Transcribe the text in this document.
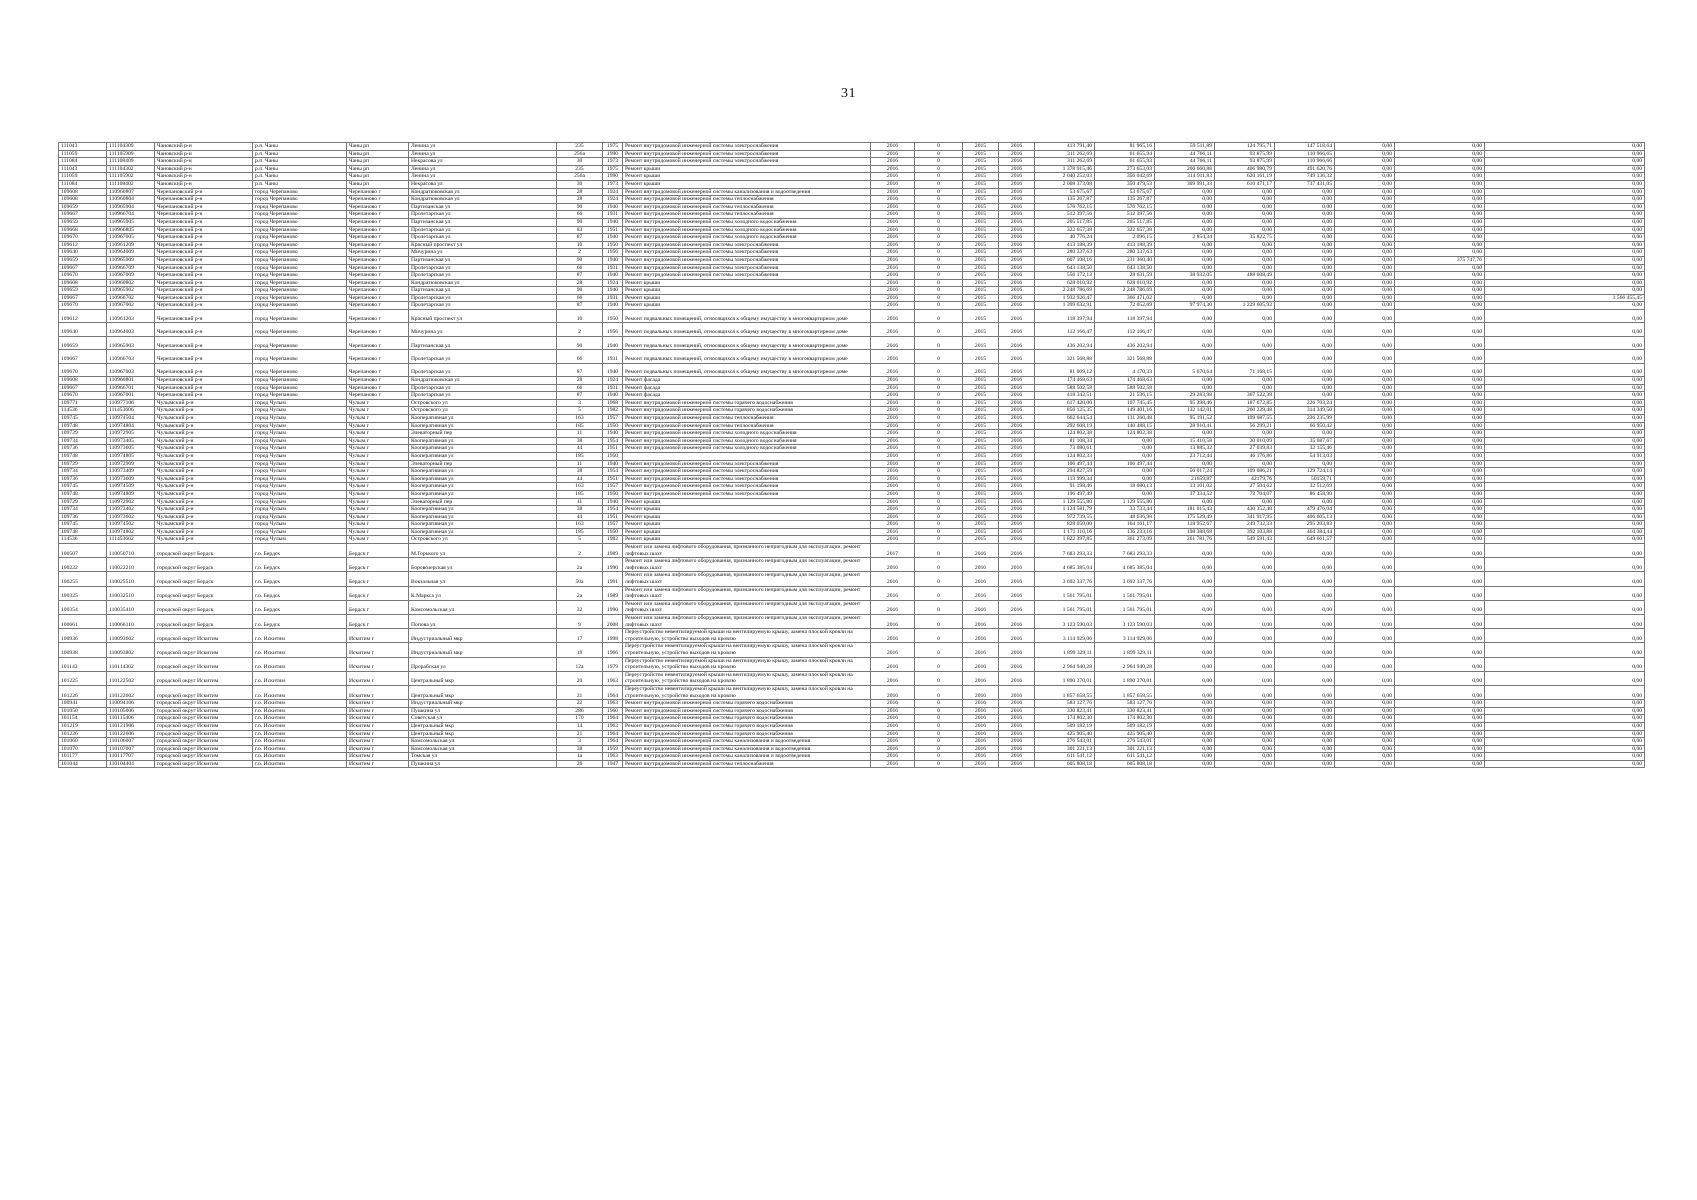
31
111043	111104309	Чановский р-н	р.п. Чаны	Чаны рп	Ленина ул	235	1975	Ремонт внутридомовой инженерной системы электроснабжения	2016	0	2015	2016	413 791,40	81 965,16	59 511,89	124 795,71	147 518,64	0,00	0,00	0,00
111059	111105909	Чановский р-н	р.п. Чаны	Чаны рп	Ленина ул	256а	1990	Ремонт внутридомовой инженерной системы электроснабжения	2016	0	2015	2016	311 262,69	61 655,94	44 766,11	93 875,99	110 966,65	0,00	0,00	0,00
111084	111108409	Чановский р-н	р.п. Чаны	Чаны рп	Некрасова ул	30	1973	Ремонт внутридомовой инженерной системы электроснабжения	2016	0	2015	2016	311 262,69	61 655,93	44 766,11	93 875,99	110 966,66	0,00	0,00	0,00
111043	111104302	Чановский р-н	р.п. Чаны	Чаны рп	Ленина ул	235	1975	Ремонт крыши	2016	0	2015	2016	1 378 915,46	273 653,03	206 660,88	406 980,79	491 620,76	0,00	0,00	0,00
111059	111105902	Чановский р-н	р.п. Чаны	Чаны рп	Ленина ул	256а	1990	Ремонт крыши	2016	0	2015	2016	2 040 252,03	356 042,69	314 911,83	620 161,19	749 136,32	0,00	0,00	0,00
111084	111108402	Чановский р-н	р.п. Чаны	Чаны рп	Некрасова ул	30	1973	Ремонт крыши	2016	0	2015	2016	2 008 373,08	350 479,53	309 991,33	610 471,17	737 431,05	0,00	0,00	0,00
109608	110960807	Черепановский р-н	город Черепаново	Черепаново г	Кондратюковская ул	28	1924	Ремонт внутридомовой инженерной системы канализования и водоотведения	2016	0	2015	2016	53 675,67	53 675,67	0,00	0,00	0,00	0,00	0,00	0,00
109608	110960804	Черепановский р-н	город Черепаново	Черепаново г	Кондратюковская ул	28	1924	Ремонт внутридомовой инженерной системы теплоснабжения	2016	0	2015	2016	135 267,87	135 267,87	0,00	0,00	0,00	0,00	0,00	0,00
109659	110965904	Черепановский р-н	город Черепаново	Черепаново г	Партизанская ул	90	1940	Ремонт внутридомовой инженерной системы теплоснабжения	2016	0	2015	2016	576 762,15	576 762,15	0,00	0,00	0,00	0,00	0,00	0,00
109667	110966704	Черепановский р-н	город Черепаново	Черепаново г	Пролетарская ул	66	1931	Ремонт внутридомовой инженерной системы теплоснабжения	2016	0	2015	2016	512 397,56	512 397,56	0,00	0,00	0,00	0,00	0,00	0,00
109659	110965905	Черепановский р-н	город Черепаново	Черепаново г	Партизанская ул	90	1940	Ремонт внутридомовой инженерной системы холодного водоснабжения	2016	0	2015	2016	205 517,85	205 517,85	0,00	0,00	0,00	0,00	0,00	0,00
109668	110966805	Черепановский р-н	город Черепаново	Черепаново г	Пролетарская ул	83	1951	Ремонт внутридомовой инженерной системы холодного водоснабжения	2016	0	2015	2016	322 657,38	322 657,38	0,00	0,00	0,00	0,00	0,00	0,00
109670	110967005	Черепановский р-н	город Черепаново	Черепаново г	Пролетарская ул	87	1940	Ремонт внутридомовой инженерной системы холодного водоснабжения	2016	0	2015	2016	40 776,24	2 096,15	2 854,34	35 822,75	0,00	0,00	0,00	0,00
109612	110961209	Черепановский р-н	город Черепаново	Черепаново г	Красный проспект ул	10	1950	Ремонт внутридомовой инженерной системы электроснабжения	2016	0	2015	2016	413 188,39	413 188,39	0,00	0,00	0,00	0,00	0,00	0,00
109640	110964009	Черепановский р-н	город Черепаново	Черепаново г	Мичурина ул	2	1956	Ремонт внутридомовой инженерной системы электроснабжения	2016	0	2015	2016	280 337,63	280 337,63	0,00	0,00	0,00	0,00	0,00	0,00
109659	110965909	Черепановский р-н	город Черепаново	Черепаново г	Партизанская ул	90	1940	Ремонт внутридомовой инженерной системы электроснабжения	2016	0	2015	2016	607 108,16	231 360,40	0,00	0,00	0,00	0,00	375 747,76	0,00
109667	110966709	Черепановский р-н	город Черепаново	Черепаново г	Пролетарская ул	66	1931	Ремонт внутридомовой инженерной системы электроснабжения	2016	0	2015	2016	643 138,50	643 138,50	0,00	0,00	0,00	0,00	0,00	0,00
109670	110967009	Черепановский р-н	город Черепаново	Черепаново г	Пролетарская ул	87	1940	Ремонт внутридомовой инженерной системы электроснабжения	2016	0	2015	2016	556 172,13	28 631,59	38 932,05	488 608,49	0,00	0,00	0,00	0,00
109608	110960802	Черепановский р-н	город Черепаново	Черепаново г	Кондратюковская ул	28	1924	Ремонт крыши	2016	0	2015	2016	628 010,92	628 010,92	0,00	0,00	0,00	0,00	0,00	0,00
109659	110965902	Черепановский р-н	город Черепаново	Черепаново г	Партизанская ул	90	1940	Ремонт крыши	2016	0	2015	2016	2 248 786,69	2 248 786,69	0,00	0,00	0,00	0,00	0,00	0,00
109667	110966702	Черепановский р-н	город Черепаново	Черепаново г	Пролетарская ул	66	1931	Ремонт крыши	2016	0	2015	2016	1 932 926,47	366 471,02	0,00	0,00	0,00	0,00	0,00	1 566 455,45
109670	110967002	Черепановский р-н	город Черепаново	Черепаново г	Пролетарская ул	87	1940	Ремонт крыши	2016	0	2015	2016	1 399 632,91	72 052,69	97 974,30	1 229 605,92	0,00	0,00	0,00	0,00
109612	110961203	Черепановский р-н	город Черепаново	Черепаново г	Красный проспект ул	10	1950	Ремонт подвальных помещений, относящихся к общему имуществу в многоквартирном доме	2016	0	2015	2016	118 397,94	118 397,94	0,00	0,00	0,00	0,00	0,00	0,00
109640	110964003	Черепановский р-н	город Черепаново	Черепаново г	Мичурина ул	2	1956	Ремонт подвальных помещений, относящихся к общему имуществу в многоквартирном доме	2016	0	2015	2016	112 166,47	112 166,47	0,00	0,00	0,00	0,00	0,00	0,00
109659	110965903	Черепановский р-н	город Черепаново	Черепаново г	Партизанская ул	90	1940	Ремонт подвальных помещений, относящихся к общему имуществу в многоквартирном доме	2016	0	2015	2016	436 202,94	436 202,94	0,00	0,00	0,00	0,00	0,00	0,00
109667	110966703	Черепановский р-н	город Черепаново	Черепаново г	Пролетарская ул	66	1931	Ремонт подвальных помещений, относящихся к общему имуществу в многоквартирном доме	2016	0	2015	2016	321 568,88	321 568,88	0,00	0,00	0,00	0,00	0,00	0,00
109670	110967003	Черепановский р-н	город Черепаново	Черепаново г	Пролетарская ул	87	1940	Ремонт подвальных помещений, относящихся к общему имуществу в многоквартирном доме	2016	0	2015	2016	81 009,12	4 170,33	5 670,64	71 168,15	0,00	0,00	0,00	0,00
109608	110960801	Черепановский р-н	город Черепаново	Черепаново г	Кондратюковская ул	28	1924	Ремонт фасада	2016	0	2015	2016	174 468,63	174 468,63	0,00	0,00	0,00	0,00	0,00	0,00
109667	110966701	Черепановский р-н	город Черепаново	Черепаново г	Пролетарская ул	66	1931	Ремонт фасада	2016	0	2015	2016	588 502,58	588 502,58	0,00	0,00	0,00	0,00	0,00	0,00
109670	110967001	Черепановский р-н	город Черепаново	Черепаново г	Пролетарская ул	87	1940	Ремонт фасада	2016	0	2015	2016	418 342,51	21 536,15	29 283,98	367 522,38	0,00	0,00	0,00	0,00
109771	110977106	Чулымский р-н	город Чулым	Чулым г	Островского ул	3	1968	Ремонт внутридомовой инженерной системы горячего водоснабжения	2016	0	2015	2016	617 420,00	107 745,45	95 298,46	187 672,85	226 703,24	0,00	0,00	0,00
114536	111453606	Чулымский р-н	город Чулым	Чулым г	Островского ул	5	1982	Ремонт внутридомовой инженерной системы горячего водоснабжения	2016	0	2015	2016	856 125,35	149 401,16	132 142,01	260 229,48	314 349,50	0,00	0,00	0,00
109745	110974504	Чулымский р-н	город Чулым	Чулым г	Кооперативная ул	163	1957	Ремонт внутридомовой инженерной системы теплоснабжения	2016	0	2015	2016	662 644,54	131 260,48	95 191,52	199 687,55	236 235,99	0,00	0,00	0,00
109748	110974804	Чулымский р-н	город Чулым	Чулым г	Кооперативная ул	185	1950	Ремонт внутридомовой инженерной системы теплоснабжения	2016	0	2015	2016	292 608,19	140 488,15	28 910,41	56 299,21	66 950,42	0,00	0,00	0,00
109729	110972905	Чулымский р-н	город Чулым	Чулым г	Элеваторный пер	11	1940	Ремонт внутридомовой инженерной системы холодного водоснабжения	2016	0	2015	2016	124 802,38	124 802,38	0,00	0,00	0,00	0,00	0,00	0,00
109734	110973405	Чулымский р-н	город Чулым	Чулым г	Кооперативная ул	38	1954	Ремонт внутридомовой инженерной системы холодного водоснабжения	2016	0	2015	2016	81 108,34	0,00	15 410,58	30 010,09	35 687,67	0,00	0,00	0,00
109736	110973605	Чулымский р-н	город Чулым	Чулым г	Кооперативная ул	44	1951	Ремонт внутридомовой инженерной системы холодного водоснабжения	2016	0	2015	2016	73 080,61	0,00	13 885,32	27 039,83	32 155,46	0,00	0,00	0,00
109748	110974805	Чулымский р-н	город Чулым	Чулым г	Кооперативная ул	185	1950		2016	0	2015	2016	124 802,33	0,00	23 712,44	46 176,86	54 913,03	0,00	0,00	0,00
109729	110972909	Чулымский р-н	город Чулым	Чулым г	Элеваторный пер	11	1940	Ремонт внутридомовой инженерной системы электроснабжения	2016	0	2015	2016	106 497,44	106 497,44	0,00	0,00	0,00	0,00	0,00	0,00
109734	110973409	Чулымский р-н	город Чулым	Чулым г	Кооперативная ул	38	1954	Ремонт внутридомовой инженерной системы электроснабжения	2016	0	2015	2016	294 827,59	0,00	56 017,24	109 086,21	129 724,14	0,00	0,00	0,00
109736	110973609	Чулымский р-н	город Чулым	Чулым г	Кооперативная ул	44	1951	Ремонт внутридомовой инженерной системы электроснабжения	2016	0	2015	2016	113 999,34	0,00	21659,87	42179,76	50159,71	0,00	0,00	0,00
109745	110974509	Чулымский р-н	город Чулым	Чулым г	Кооперативная ул	163	1957	Ремонт внутридомовой инженерной системы электроснабжения	2016	0	2015	2016	91 198,46	18 080,13	13 101,02	27 504,62	32 512,69	0,00	0,00	0,00
109748	110974809	Чулымский р-н	город Чулым	Чулым г	Кооперативная ул	185	1950	Ремонт внутридомовой инженерной системы электроснабжения	2016	0	2015	2016	196 497,49	0,00	37 334,52	72 704,07	86 458,90	0,00	0,00	0,00
109729	110972902	Чулымский р-н	город Чулым	Чулым г	Элеваторный пер	11	1940	Ремонт крыши	2016	0	2015	2016	1 129 555,80	1 129 555,80	0,00	0,00	0,00	0,00	0,00	0,00
109734	110973402	Чулымский р-н	город Чулым	Чулым г	Кооперативная ул	38	1954	Ремонт крыши	2016	0	2015	2016	1 124 581,79	33 733,44	181 015,43	430 352,48	479 476,04	0,00	0,00	0,00
109736	110973602	Чулымский р-н	город Чулым	Чулым г	Кооперативная ул	44	1951	Ремонт крыши	2016	0	2015	2016	972 739,55	48 636,98	175 529,49	341 917,95	406 605,13	0,00	0,00	0,00
109745	110974502	Чулымский р-н	город Чулым	Чулым г	Кооперативная ул	163	1957	Ремонт крыши	2016	0	2015	2016	828 050,00	164 161,17	118 952,67	249 732,33	295 203,83	0,00	0,00	0,00
109748	110974802	Чулымский р-н	город Чулым	Чулым г	Кооперативная ул	185	1950	Ремонт крыши	2016	0	2015	2016	1 171 110,16	136 233,16	198 388,68	392 103,88	464 384,44	0,00	0,00	0,00
114536	111453602	Чулымский р-н	город Чулым	Чулым г	Островского ул	5	1982	Ремонт крыши	2016	0	2015	2016	1 822 397,85	361 273,09	261 781,76	549 591,43	649 661,57	0,00	0,00	0,00
100507	110050710	городской округ Бердск	г.о. Бердск	Бердск г	М.Горького ул	2	1989	Ремонт или замена лифтового оборудования, признанного непригодным для эксплуатации, ремонт лифтовых шахт	2017	0	2016	2016	7 683 293,33	7 683 293,33	0,00	0,00	0,00	0,00	0,00	0,00
100222	110022210	городской округ Бердск	г.о. Бердск	Бердск г	Боровозерская ул	2а	1990	Ремонт или замена лифтового оборудования, признанного непригодным для эксплуатации, ремонт лифтовых шахт	2016	0	2016	2016	4 685 385,04	4 685 385,04	0,00	0,00	0,00	0,00	0,00	0,00
100255	110025510	городской округ Бердск	г.о. Бердск	Бердск г	Вокзальная ул	50а	1991	Ремонт или замена лифтового оборудования, признанного непригодным для эксплуатации, ремонт лифтовых шахт	2016	0	2016	2016	3 692 337,76	3 692 337,76	0,00	0,00	0,00	0,00	0,00	0,00
100325	110032510	городской округ Бердск	г.о. Бердск	Бердск г	К.Маркса ул	2а	1989	Ремонт или замена лифтового оборудования, признанного непригодным для эксплуатации, ремонт лифтовых шахт	2016	0	2016	2016	1 561 795,01	1 561 795,01	0,00	0,00	0,00	0,00	0,00	0,00
100354	110035410	городской округ Бердск	г.о. Бердск	Бердск г	Комсомольская ул	32	1990	Ремонт или замена лифтового оборудования, признанного непригодным для эксплуатации, ремонт лифтовых шахт	2016	0	2016	2016	1 561 795,01	1 561 795,01	0,00	0,00	0,00	0,00	0,00	0,00
100661	110066110	городской округ Бердск	г.о. Бердск	Бердск г	Попова ул	9	2008	Ремонт или замена лифтового оборудования, признанного непригодным для эксплуатации, ремонт лифтовых шахт	2016	0	2016	2016	3 123 590,03	3 123 590,03	0,00	0,00	0,00	0,00	0,00	0,00
100936	110093602	городской округ Искитим	г.о. Искитим	Искитим г	Индустриальный мкр	17	1998	Переустройство невентилируемой крыши на вентилируемую крышу, замена плоской кровли на строительную, устройство выходов на кровлю	2016	0	2016	2016	3 114 929,06	3 114 929,06	0,00	0,00	0,00	0,00	0,00	0,00
100938	110093802	городской округ Искитим	г.о. Искитим	Искитим г	Индустриальный мкр	19	1966	Переустройство невентилируемой крыши на вентилируемую крышу, замена плоской кровли на строительную, устройство выходов на кровлю	2016	0	2016	2016	1 899 329,11	1 899 329,11	0,00	0,00	0,00	0,00	0,00	0,00
101143	110114302	городской округ Искитим	г.о. Искитим	Искитим г	Прорабская ул	12а	1979	Переустройство невентилируемой крыши на вентилируемую крышу, замена плоской кровли на строительную, устройство выходов на кровлю	2016	0	2016	2016	2 964 940,28	2 964 940,28	0,00	0,00	0,00	0,00	0,00	0,00
101225	110122502	городской округ Искитим	г.о. Искитим	Искитим г	Центральный мкр	20	1963	Переустройство невентилируемой крыши на вентилируемую крышу, замена плоской кровли на строительную, устройство выходов на кровлю	2016	0	2016	2016	1 890 370,01	1 890 370,01	0,00	0,00	0,00	0,00	0,00	0,00
101226	110122602	городской округ Искитим	г.о. Искитим	Искитим г	Центральный мкр	21	1964	Переустройство невентилируемой крыши на вентилируемую крышу, замена плоской кровли на строительную, устройство выходов на кровлю	2016	0	2016	2016	1 857 658,55	1 857 658,55	0,00	0,00	0,00	0,00	0,00	0,00
100941	110094106	городской округ Искитим	г.о. Искитим	Искитим г	Индустриальный мкр	22	1963	Ремонт внутридомовой инженерной системы горячего водоснабжения	2016	0	2016	2016	583 127,76	583 127,76	0,00	0,00	0,00	0,00	0,00	0,00
101050	110105006	городской округ Искитим	г.о. Искитим	Искитим г	Пушкина ул	286	1960	Ремонт внутридомовой инженерной системы горячего водоснабжения	2016	0	2016	2016	330 823,41	330 823,41	0,00	0,00	0,00	0,00	0,00	0,00
101154	110115406	городской округ Искитим	г.о. Искитим	Искитим г	Советская ул	170	1964	Ремонт внутридомовой инженерной системы горячего водоснабжения	2016	0	2016	2016	174 802,30	174 802,30	0,00	0,00	0,00	0,00	0,00	0,00
101219	110121906	городской округ Искитим	г.о. Искитим	Искитим г	Центральный мкр	14	1963	Ремонт внутридомовой инженерной системы горячего водоснабжения	2016	0	2016	2016	509 182,19	509 182,19	0,00	0,00	0,00	0,00	0,00	0,00
101226	110122606	городской округ Искитим	г.о. Искитим	Искитим г	Центральный мкр	21	1964	Ремонт внутридомовой инженерной системы горячего водоснабжения	2016	0	2016	2016	425 905,40	425 905,40	0,00	0,00	0,00	0,00	0,00	0,00
101060	110106007	городской округ Искитим	г.о. Искитим	Искитим г	Комсомольская ул	3	1964	Ремонт внутридомовой инженерной системы канализования и водоотведения	2016	0	2016	2016	276 543,01	276 543,01	0,00	0,00	0,00	0,00	0,00	0,00
101070	110107007	городской округ Искитим	г.о. Искитим	Искитим г	Комсомольская ул	38	1959	Ремонт внутридомовой инженерной системы канализования и водоотведения	2016	0	2016	2016	301 221,13	301 221,13	0,00	0,00	0,00	0,00	0,00	0,00
101177	110117707	городской округ Искитим	г.о. Искитим	Искитим г	Томская ул	1а	1963	Ремонт внутридомовой инженерной системы канализования и водоотведения	2016	0	2016	2016	611 541,12	611 541,12	0,00	0,00	0,00	0,00	0,00	0,00
101044	110104404	городской округ Искитим	г.о. Искитим	Искитим г	Пушкина ул	26	1947	Ремонт внутридомовой инженерной системы теплоснабжения	2016	0	2016	2016	605 808,18	605 808,18	0,00	0,00	0,00	0,00	0,00	0,00
